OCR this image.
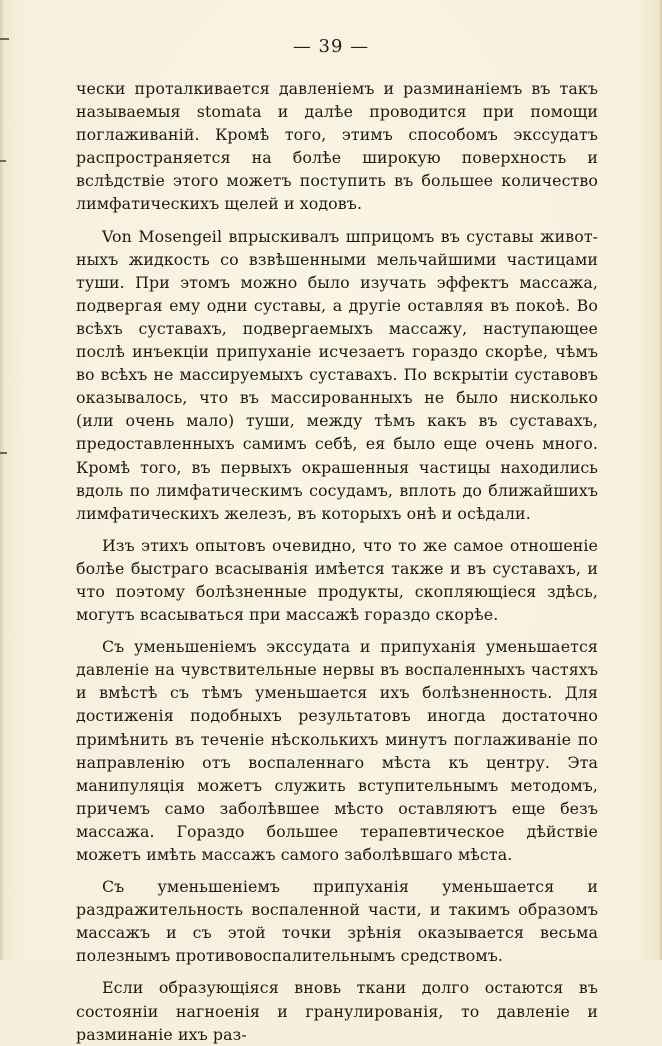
— 39 —

чески проталкивается давленіемъ и разминаніемъ въ такъ называемыя stomata и далѣе проводится при помощи поглаживаній. Кромѣ того, этимъ способомъ экссудатъ распространяется на болѣе широкую поверхность и вслѣдствіе этого можетъ поступить въ большее количество лимфатическихъ щелей и ходовъ.

Von Mosengeil впрыскивалъ шприцомъ въ суставы животныхъ жидкость со взвѣшенными мельчайшими частицами туши. При этомъ можно было изучать эффектъ массажа, подвергая ему одни суставы, а другіе оставляя въ покоѣ. Во всѣхъ суставахъ, подвергаемыхъ массажу, наступающее послѣ инъекціи припуханіе исчезаетъ гораздо скорѣе, чѣмъ во всѣхъ не массируемыхъ суставахъ. По вскрытіи суставовъ оказывалось, что въ массированныхъ не было нисколько (или очень мало) туши, между тѣмъ какъ въ суставахъ, предоставленныхъ самимъ себѣ, ея было еще очень много. Кромѣ того, въ первыхъ окрашенныя частицы находились вдоль по лимфатическимъ сосудамъ, вплоть до ближайшихъ лимфатическихъ железъ, въ которыхъ онѣ и осѣдали.

Изъ этихъ опытовъ очевидно, что то же самое отношеніе болѣе быстраго всасыванія имѣется также и въ суставахъ, и что поэтому болѣзненные продукты, скопляющіеся здѣсь, могутъ всасываться при массажѣ гораздо скорѣе.

Съ уменьшеніемъ экссудата и припуханія уменьшается давленіе на чувствительные нервы въ воспаленныхъ частяхъ и вмѣстѣ съ тѣмъ уменьшается ихъ болѣзненность. Для достиженія подобныхъ результатовъ иногда достаточно примѣнить въ теченіе нѣсколькихъ минутъ поглаживаніе по направленію отъ воспаленнаго мѣста къ центру. Эта манипуляція можетъ служить вступительнымъ методомъ, причемъ само заболѣвшее мѣсто оставляютъ еще безъ массажа. Гораздо большее терапевтическое дѣйствіе можетъ имѣть массажъ самого заболѣвшаго мѣста.

Съ уменьшеніемъ припуханія уменьшается и раздражительность воспаленной части, и такимъ образомъ массажъ и съ этой точки зрѣнія оказывается весьма полезнымъ противовоспалительнымъ средствомъ.

Если образующіяся вновь ткани долго остаются въ состояніи нагноенія и гранулированія, то давленіе и разминаніе ихъ раз-
